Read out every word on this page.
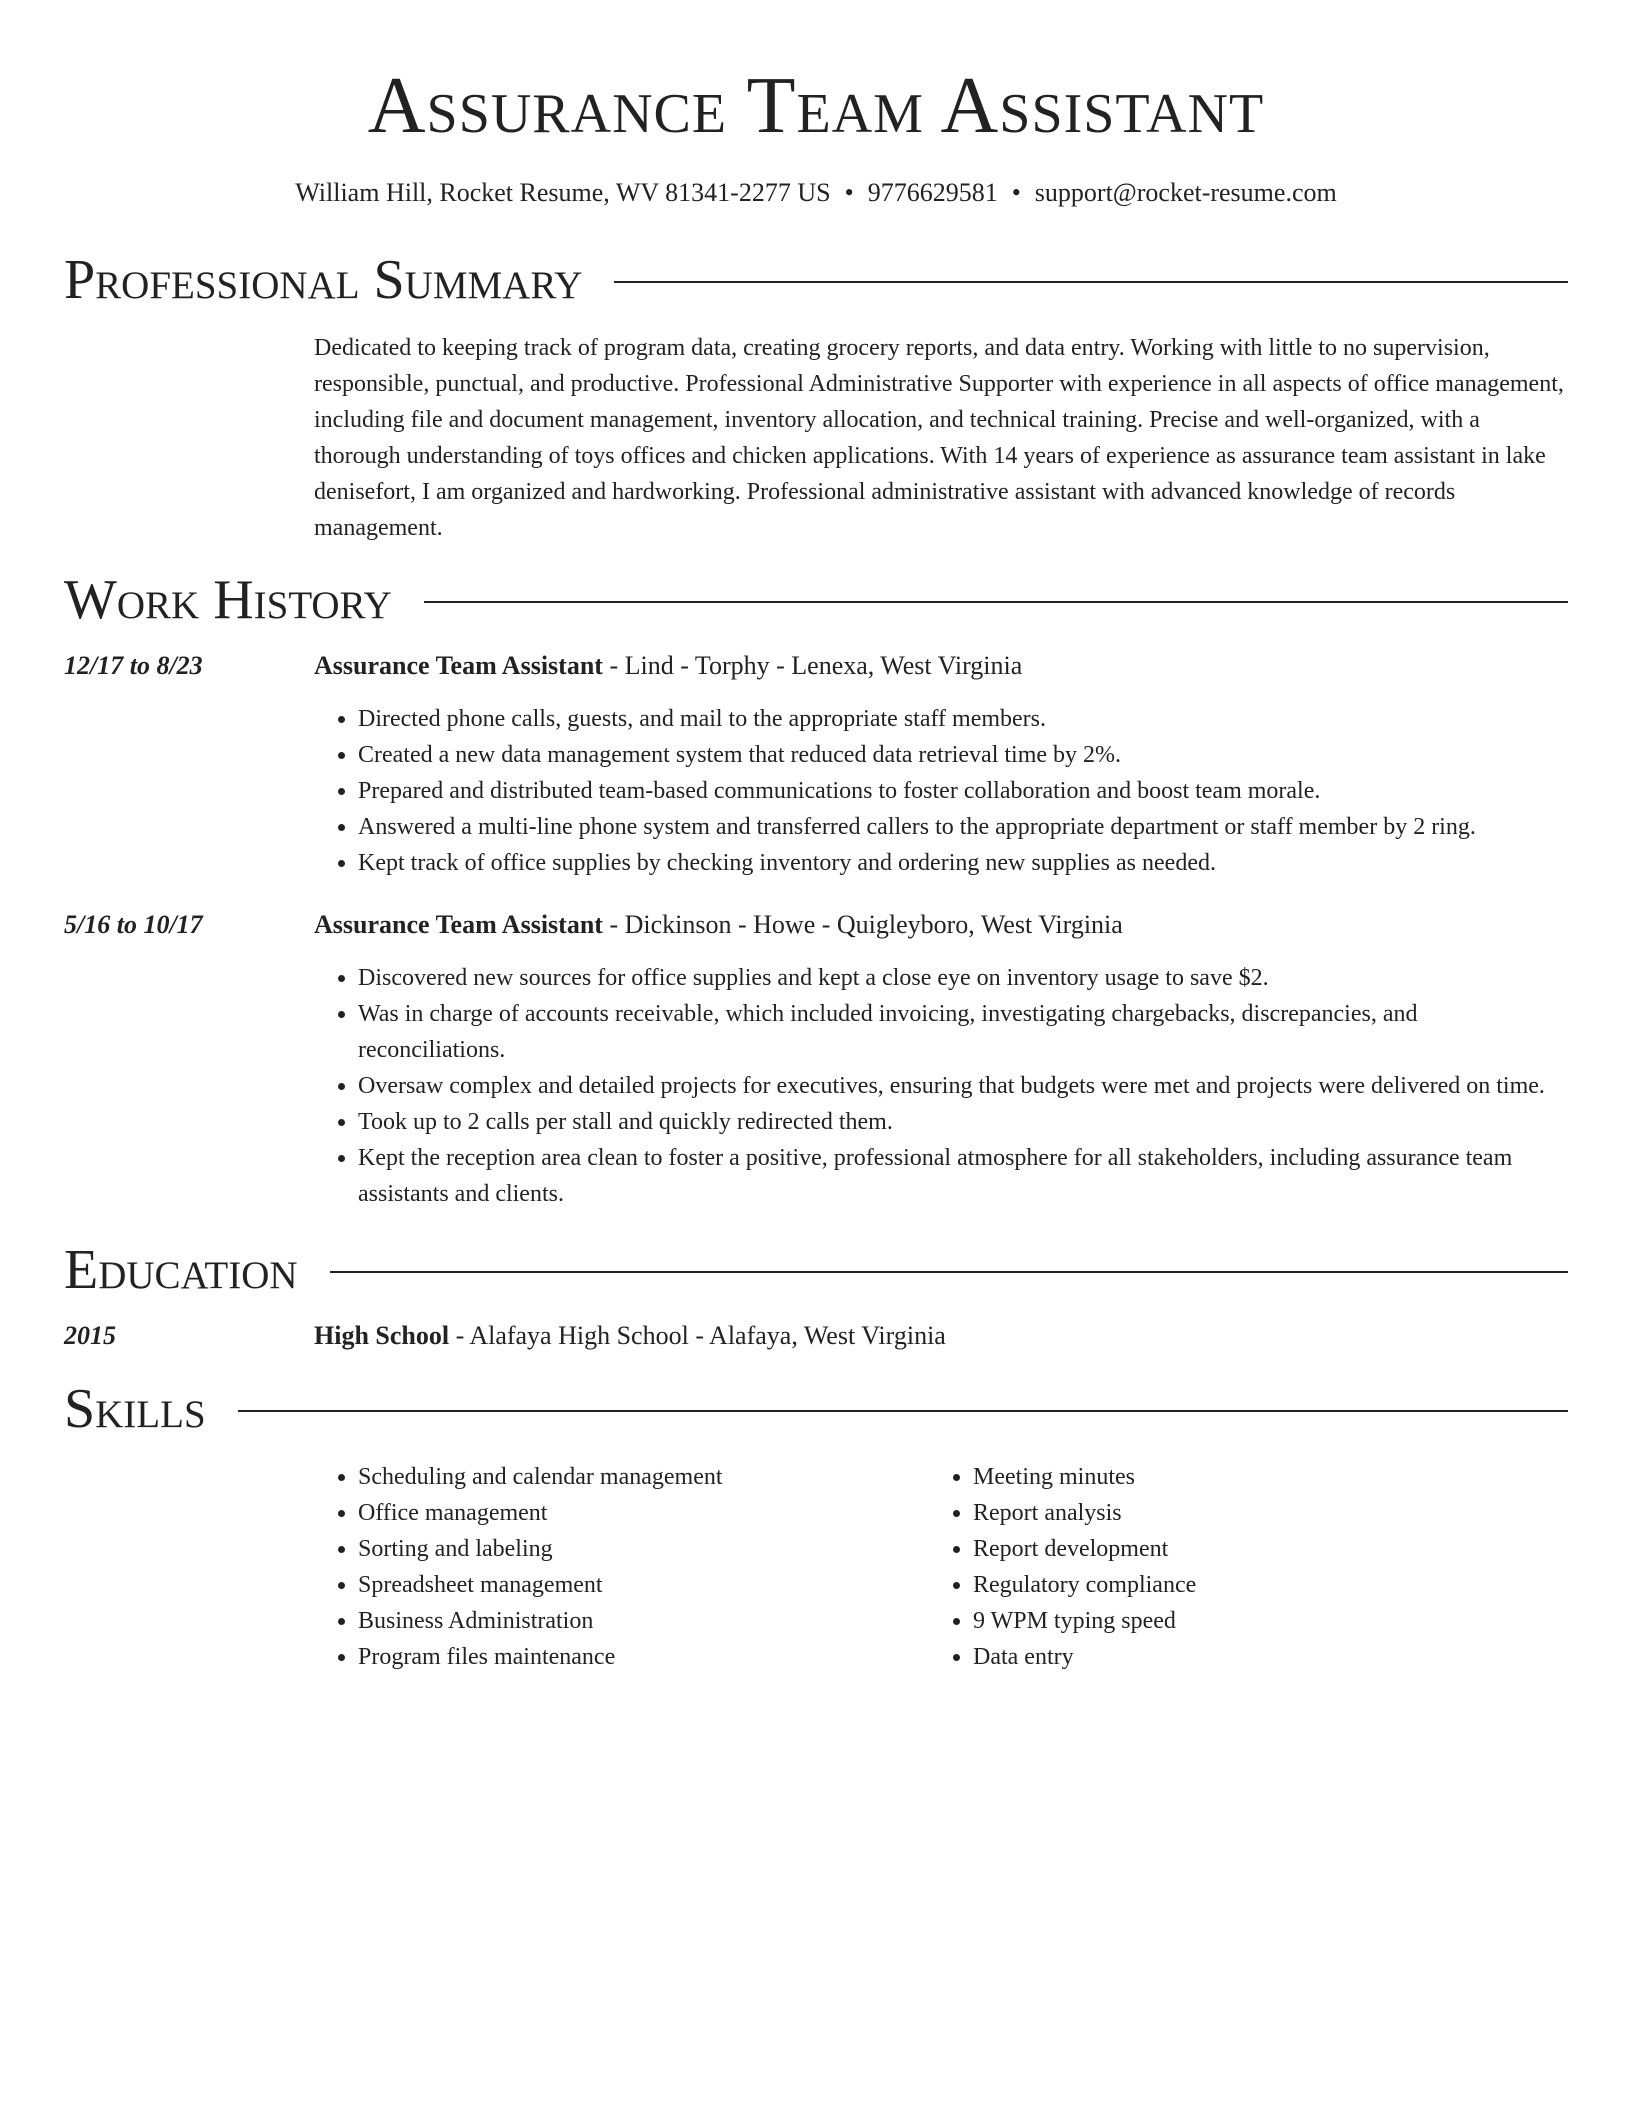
Assurance Team Assistant
William Hill, Rocket Resume, WV 81341-2277 US • 9776629581 • support@rocket-resume.com
Professional Summary
Dedicated to keeping track of program data, creating grocery reports, and data entry. Working with little to no supervision, responsible, punctual, and productive. Professional Administrative Supporter with experience in all aspects of office management, including file and document management, inventory allocation, and technical training. Precise and well-organized, with a thorough understanding of toys offices and chicken applications. With 14 years of experience as assurance team assistant in lake denisefort, I am organized and hardworking. Professional administrative assistant with advanced knowledge of records management.
Work History
12/17 to 8/23	Assurance Team Assistant - Lind - Torphy - Lenexa, West Virginia
• Directed phone calls, guests, and mail to the appropriate staff members.
• Created a new data management system that reduced data retrieval time by 2%.
• Prepared and distributed team-based communications to foster collaboration and boost team morale.
• Answered a multi-line phone system and transferred callers to the appropriate department or staff member by 2 ring.
• Kept track of office supplies by checking inventory and ordering new supplies as needed.
5/16 to 10/17	Assurance Team Assistant - Dickinson - Howe - Quigleyboro, West Virginia
• Discovered new sources for office supplies and kept a close eye on inventory usage to save $2.
• Was in charge of accounts receivable, which included invoicing, investigating chargebacks, discrepancies, and reconciliations.
• Oversaw complex and detailed projects for executives, ensuring that budgets were met and projects were delivered on time.
• Took up to 2 calls per stall and quickly redirected them.
• Kept the reception area clean to foster a positive, professional atmosphere for all stakeholders, including assurance team assistants and clients.
Education
2015	High School - Alafaya High School - Alafaya, West Virginia
Skills
• Scheduling and calendar management
• Office management
• Sorting and labeling
• Spreadsheet management
• Business Administration
• Program files maintenance
• Meeting minutes
• Report analysis
• Report development
• Regulatory compliance
• 9 WPM typing speed
• Data entry
